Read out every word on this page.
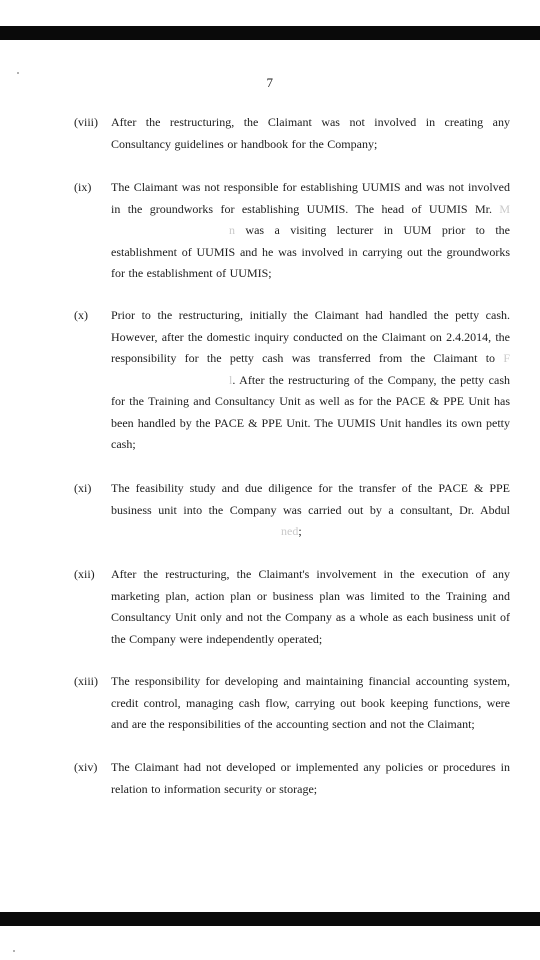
7
(viii)	After the restructuring, the Claimant was not involved in creating any Consultancy guidelines or handbook for the Company;
(ix)	The Claimant was not responsible for establishing UUMIS and was not involved in the groundworks for establishing UUMIS. The head of UUMIS Mr. Mn was a visiting lecturer in UUM prior to the establishment of UUMIS and he was involved in carrying out the groundworks for the establishment of UUMIS;
(x)	Prior to the restructuring, initially the Claimant had handled the petty cash. However, after the domestic inquiry conducted on the Claimant on 2.4.2014, the responsibility for the petty cash was transferred from the Claimant to Fl. After the restructuring of the Company, the petty cash for the Training and Consultancy Unit as well as for the PACE & PPE Unit has been handled by the PACE & PPE Unit. The UUMIS Unit handles its own petty cash;
(xi)	The feasibility study and due diligence for the transfer of the PACE & PPE business unit into the Company was carried out by a consultant, Dr. Abdul ned;
(xii)	After the restructuring, the Claimant's involvement in the execution of any marketing plan, action plan or business plan was limited to the Training and Consultancy Unit only and not the Company as a whole as each business unit of the Company were independently operated;
(xiii)	The responsibility for developing and maintaining financial accounting system, credit control, managing cash flow, carrying out book keeping functions, were and are the responsibilities of the accounting section and not the Claimant;
(xiv)	The Claimant had not developed or implemented any policies or procedures in relation to information security or storage;
